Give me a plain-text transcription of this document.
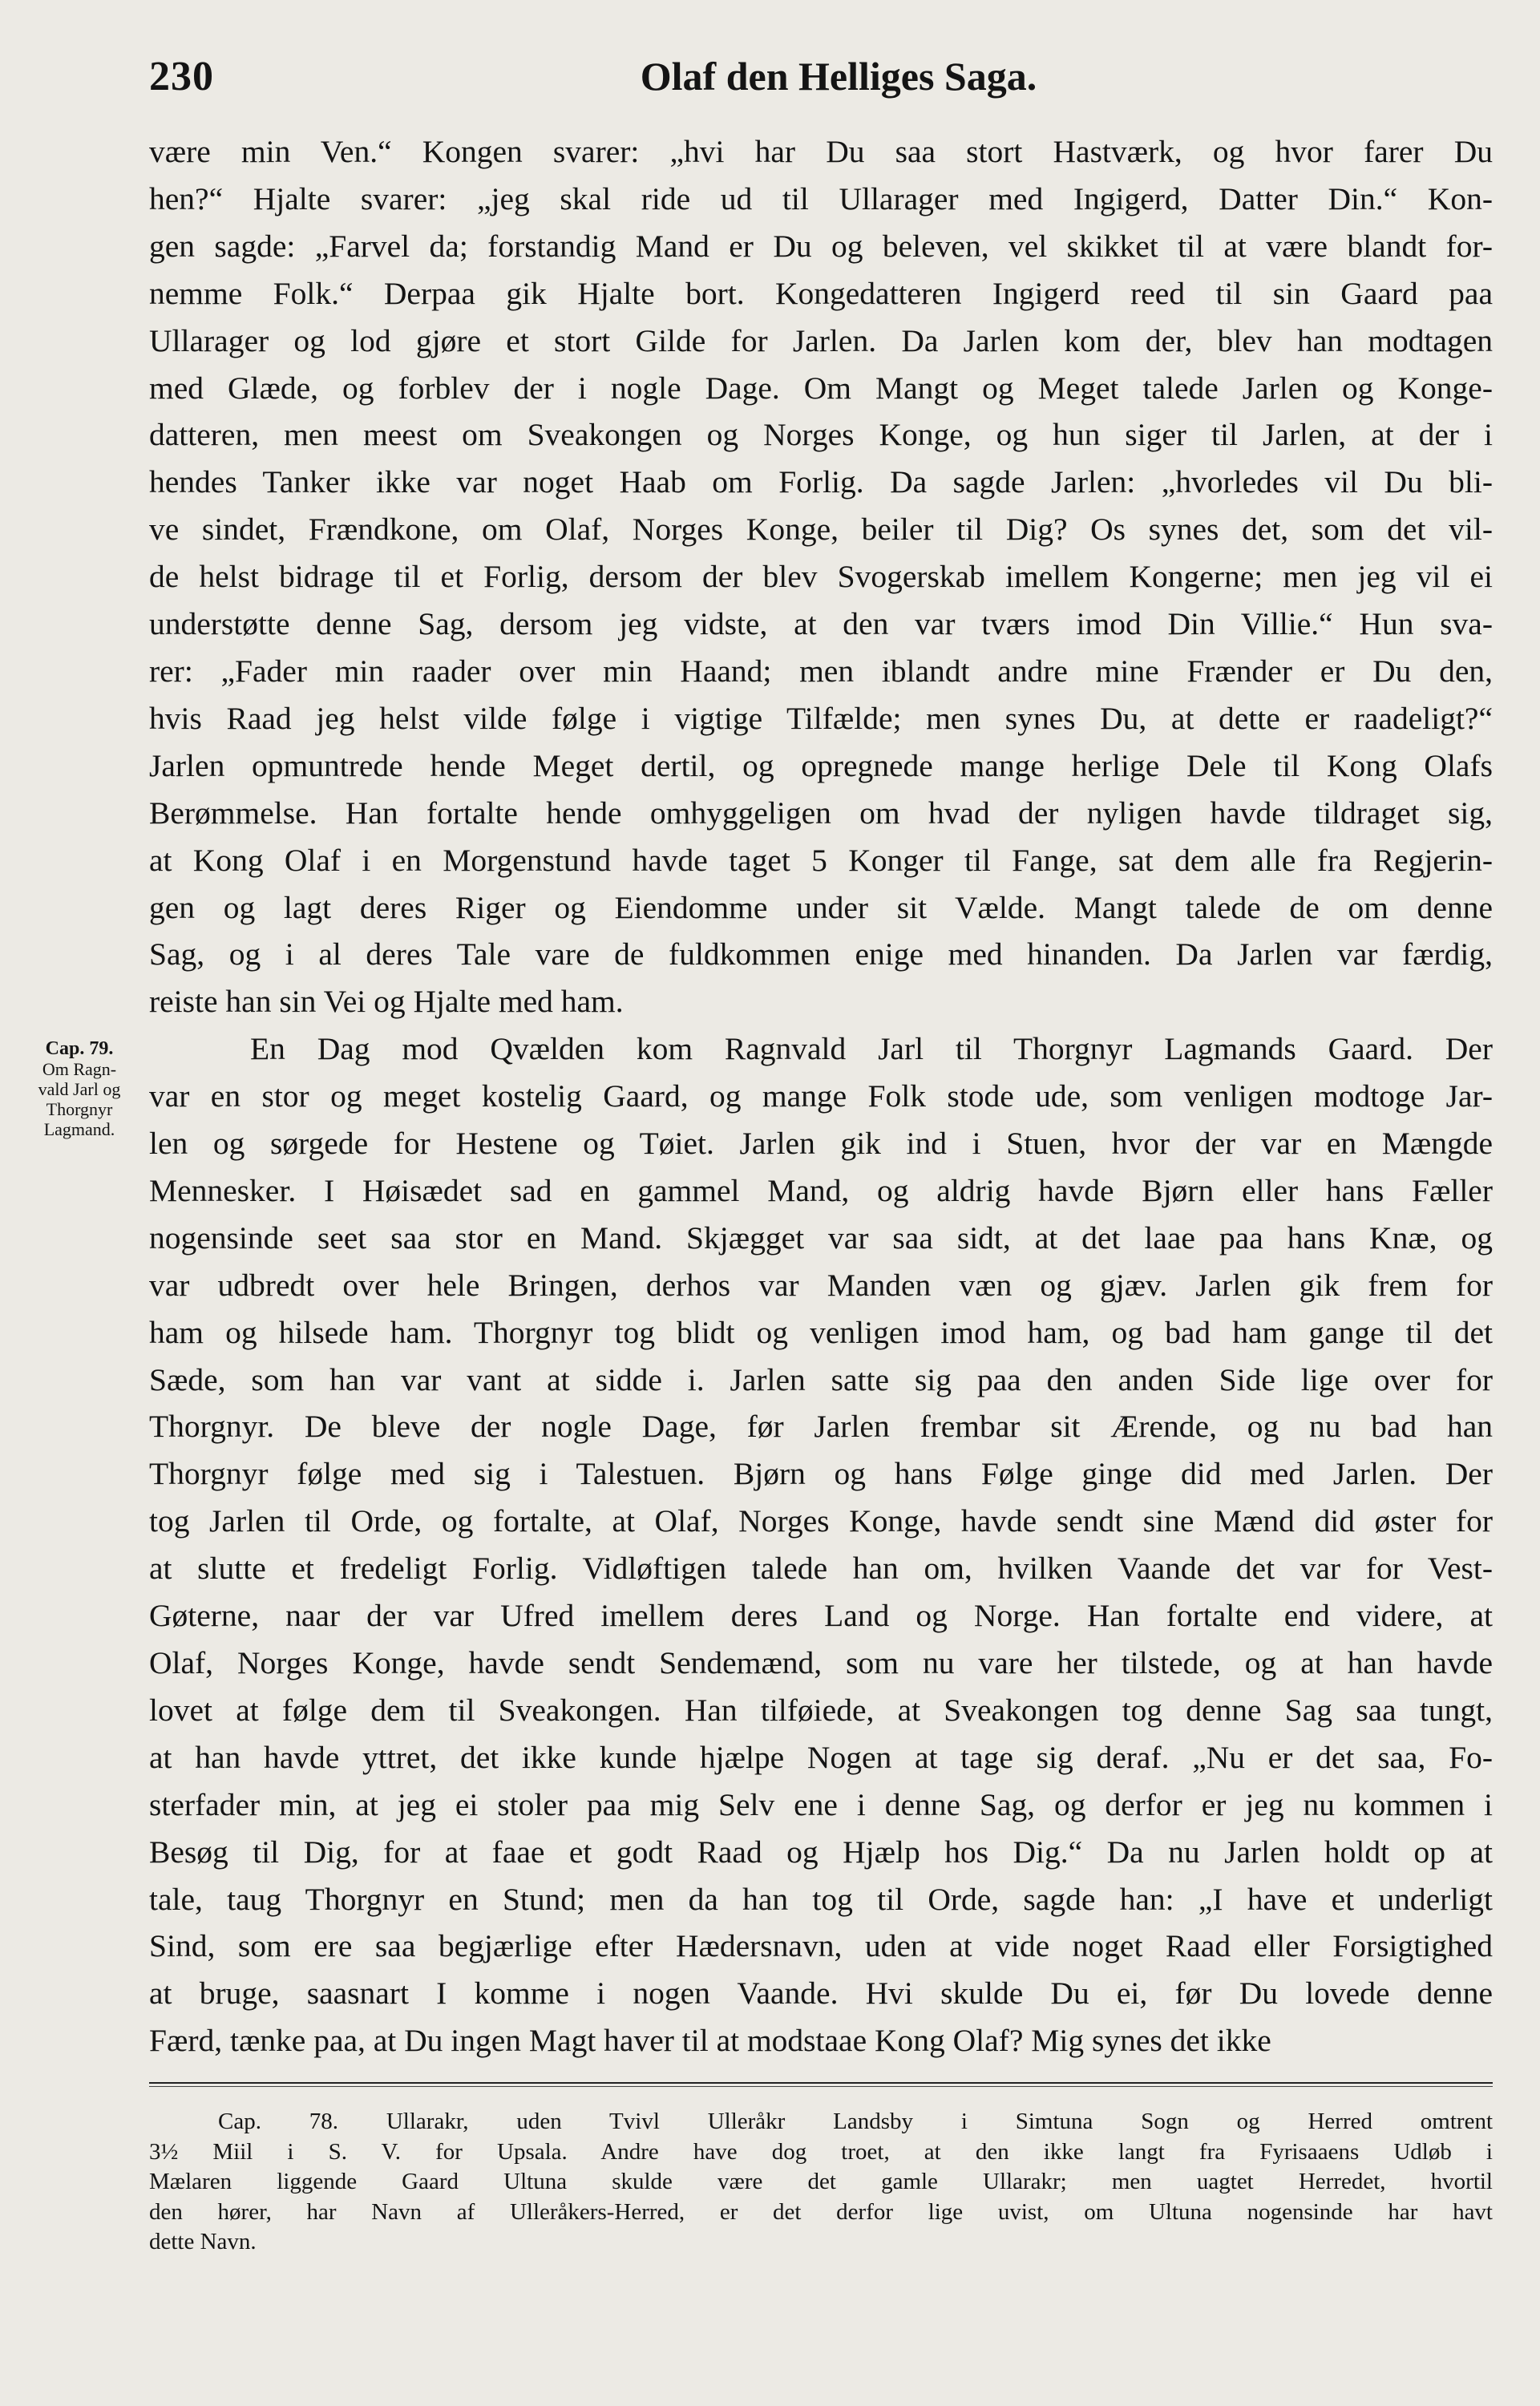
230	Olaf den Helliges Saga.
Cap. 79.
Om Ragn-
vald Jarl og
Thorgnyr
Lagmand.

være min Ven.“ Kongen svarer: „hvi har Du saa stort Hastværk, og hvor farer Du

hen?“ Hjalte svarer: „jeg skal ride ud til Ullarager med Ingigerd, Datter Din.“ Kon-

gen sagde: „Farvel da; forstandig Mand er Du og beleven, vel skikket til at være blandt for-

nemme Folk.“ Derpaa gik Hjalte bort. Kongedatteren Ingigerd reed til sin Gaard paa

Ullarager og lod gjøre et stort Gilde for Jarlen. Da Jarlen kom der, blev han modtagen

med Glæde, og forblev der i nogle Dage. Om Mangt og Meget talede Jarlen og Konge-

datteren, men meest om Sveakongen og Norges Konge, og hun siger til Jarlen, at der i

hendes Tanker ikke var noget Haab om Forlig. Da sagde Jarlen: „hvorledes vil Du bli-

ve sindet, Frændkone, om Olaf, Norges Konge, beiler til Dig? Os synes det, som det vil-

de helst bidrage til et Forlig, dersom der blev Svogerskab imellem Kongerne; men jeg vil ei

understøtte denne Sag, dersom jeg vidste, at den var tværs imod Din Villie.“ Hun sva-

rer: „Fader min raader over min Haand; men iblandt andre mine Frænder er Du den,

hvis Raad jeg helst vilde følge i vigtige Tilfælde; men synes Du, at dette er raadeligt?“

Jarlen opmuntrede hende Meget dertil, og opregnede mange herlige Dele til Kong Olafs

Berømmelse. Han fortalte hende omhyggeligen om hvad der nyligen havde tildraget sig,

at Kong Olaf i en Morgenstund havde taget 5 Konger til Fange, sat dem alle fra Regjerin-

gen og lagt deres Riger og Eiendomme under sit Vælde. Mangt talede de om denne

Sag, og i al deres Tale vare de fuldkommen enige med hinanden. Da Jarlen var færdig,

reiste han sin Vei og Hjalte med ham.

En Dag mod Qvælden kom Ragnvald Jarl til Thorgnyr Lagmands Gaard. Der

var en stor og meget kostelig Gaard, og mange Folk stode ude, som venligen modtoge Jar-

len og sørgede for Hestene og Tøiet. Jarlen gik ind i Stuen, hvor der var en Mængde

Mennesker. I Høisædet sad en gammel Mand, og aldrig havde Bjørn eller hans Fæller

nogensinde seet saa stor en Mand. Skjægget var saa sidt, at det laae paa hans Knæ, og

var udbredt over hele Bringen, derhos var Manden væn og gjæv. Jarlen gik frem for

ham og hilsede ham. Thorgnyr tog blidt og venligen imod ham, og bad ham gange til det

Sæde, som han var vant at sidde i. Jarlen satte sig paa den anden Side lige over for

Thorgnyr. De bleve der nogle Dage, før Jarlen frembar sit Ærende, og nu bad han

Thorgnyr følge med sig i Talestuen. Bjørn og hans Følge ginge did med Jarlen. Der

tog Jarlen til Orde, og fortalte, at Olaf, Norges Konge, havde sendt sine Mænd did øster for

at slutte et fredeligt Forlig. Vidløftigen talede han om, hvilken Vaande det var for Vest-

Gøterne, naar der var Ufred imellem deres Land og Norge. Han fortalte end videre, at

Olaf, Norges Konge, havde sendt Sendemænd, som nu vare her tilstede, og at han havde

lovet at følge dem til Sveakongen. Han tilføiede, at Sveakongen tog denne Sag saa tungt,

at han havde yttret, det ikke kunde hjælpe Nogen at tage sig deraf. „Nu er det saa, Fo-

sterfader min, at jeg ei stoler paa mig Selv ene i denne Sag, og derfor er jeg nu kommen i

Besøg til Dig, for at faae et godt Raad og Hjælp hos Dig.“ Da nu Jarlen holdt op at

tale, taug Thorgnyr en Stund; men da han tog til Orde, sagde han: „I have et underligt

Sind, som ere saa begjærlige efter Hædersnavn, uden at vide noget Raad eller Forsigtighed

at bruge, saasnart I komme i nogen Vaande. Hvi skulde Du ei, før Du lovede denne

Færd, tænke paa, at Du ingen Magt haver til at modstaae Kong Olaf? Mig synes det ikke

Cap. 78. Ullarakr, uden Tvivl Ulleråkr Landsby i Simtuna Sogn og Herred omtrent

3½ Miil i S. V. for Upsala. Andre have dog troet, at den ikke langt fra Fyrisaaens Udløb i

Mælaren liggende Gaard Ultuna skulde være det gamle Ullarakr; men uagtet Herredet, hvortil

den hører, har Navn af Ulleråkers-Herred, er det derfor lige uvist, om Ultuna nogensinde har havt

dette Navn.
